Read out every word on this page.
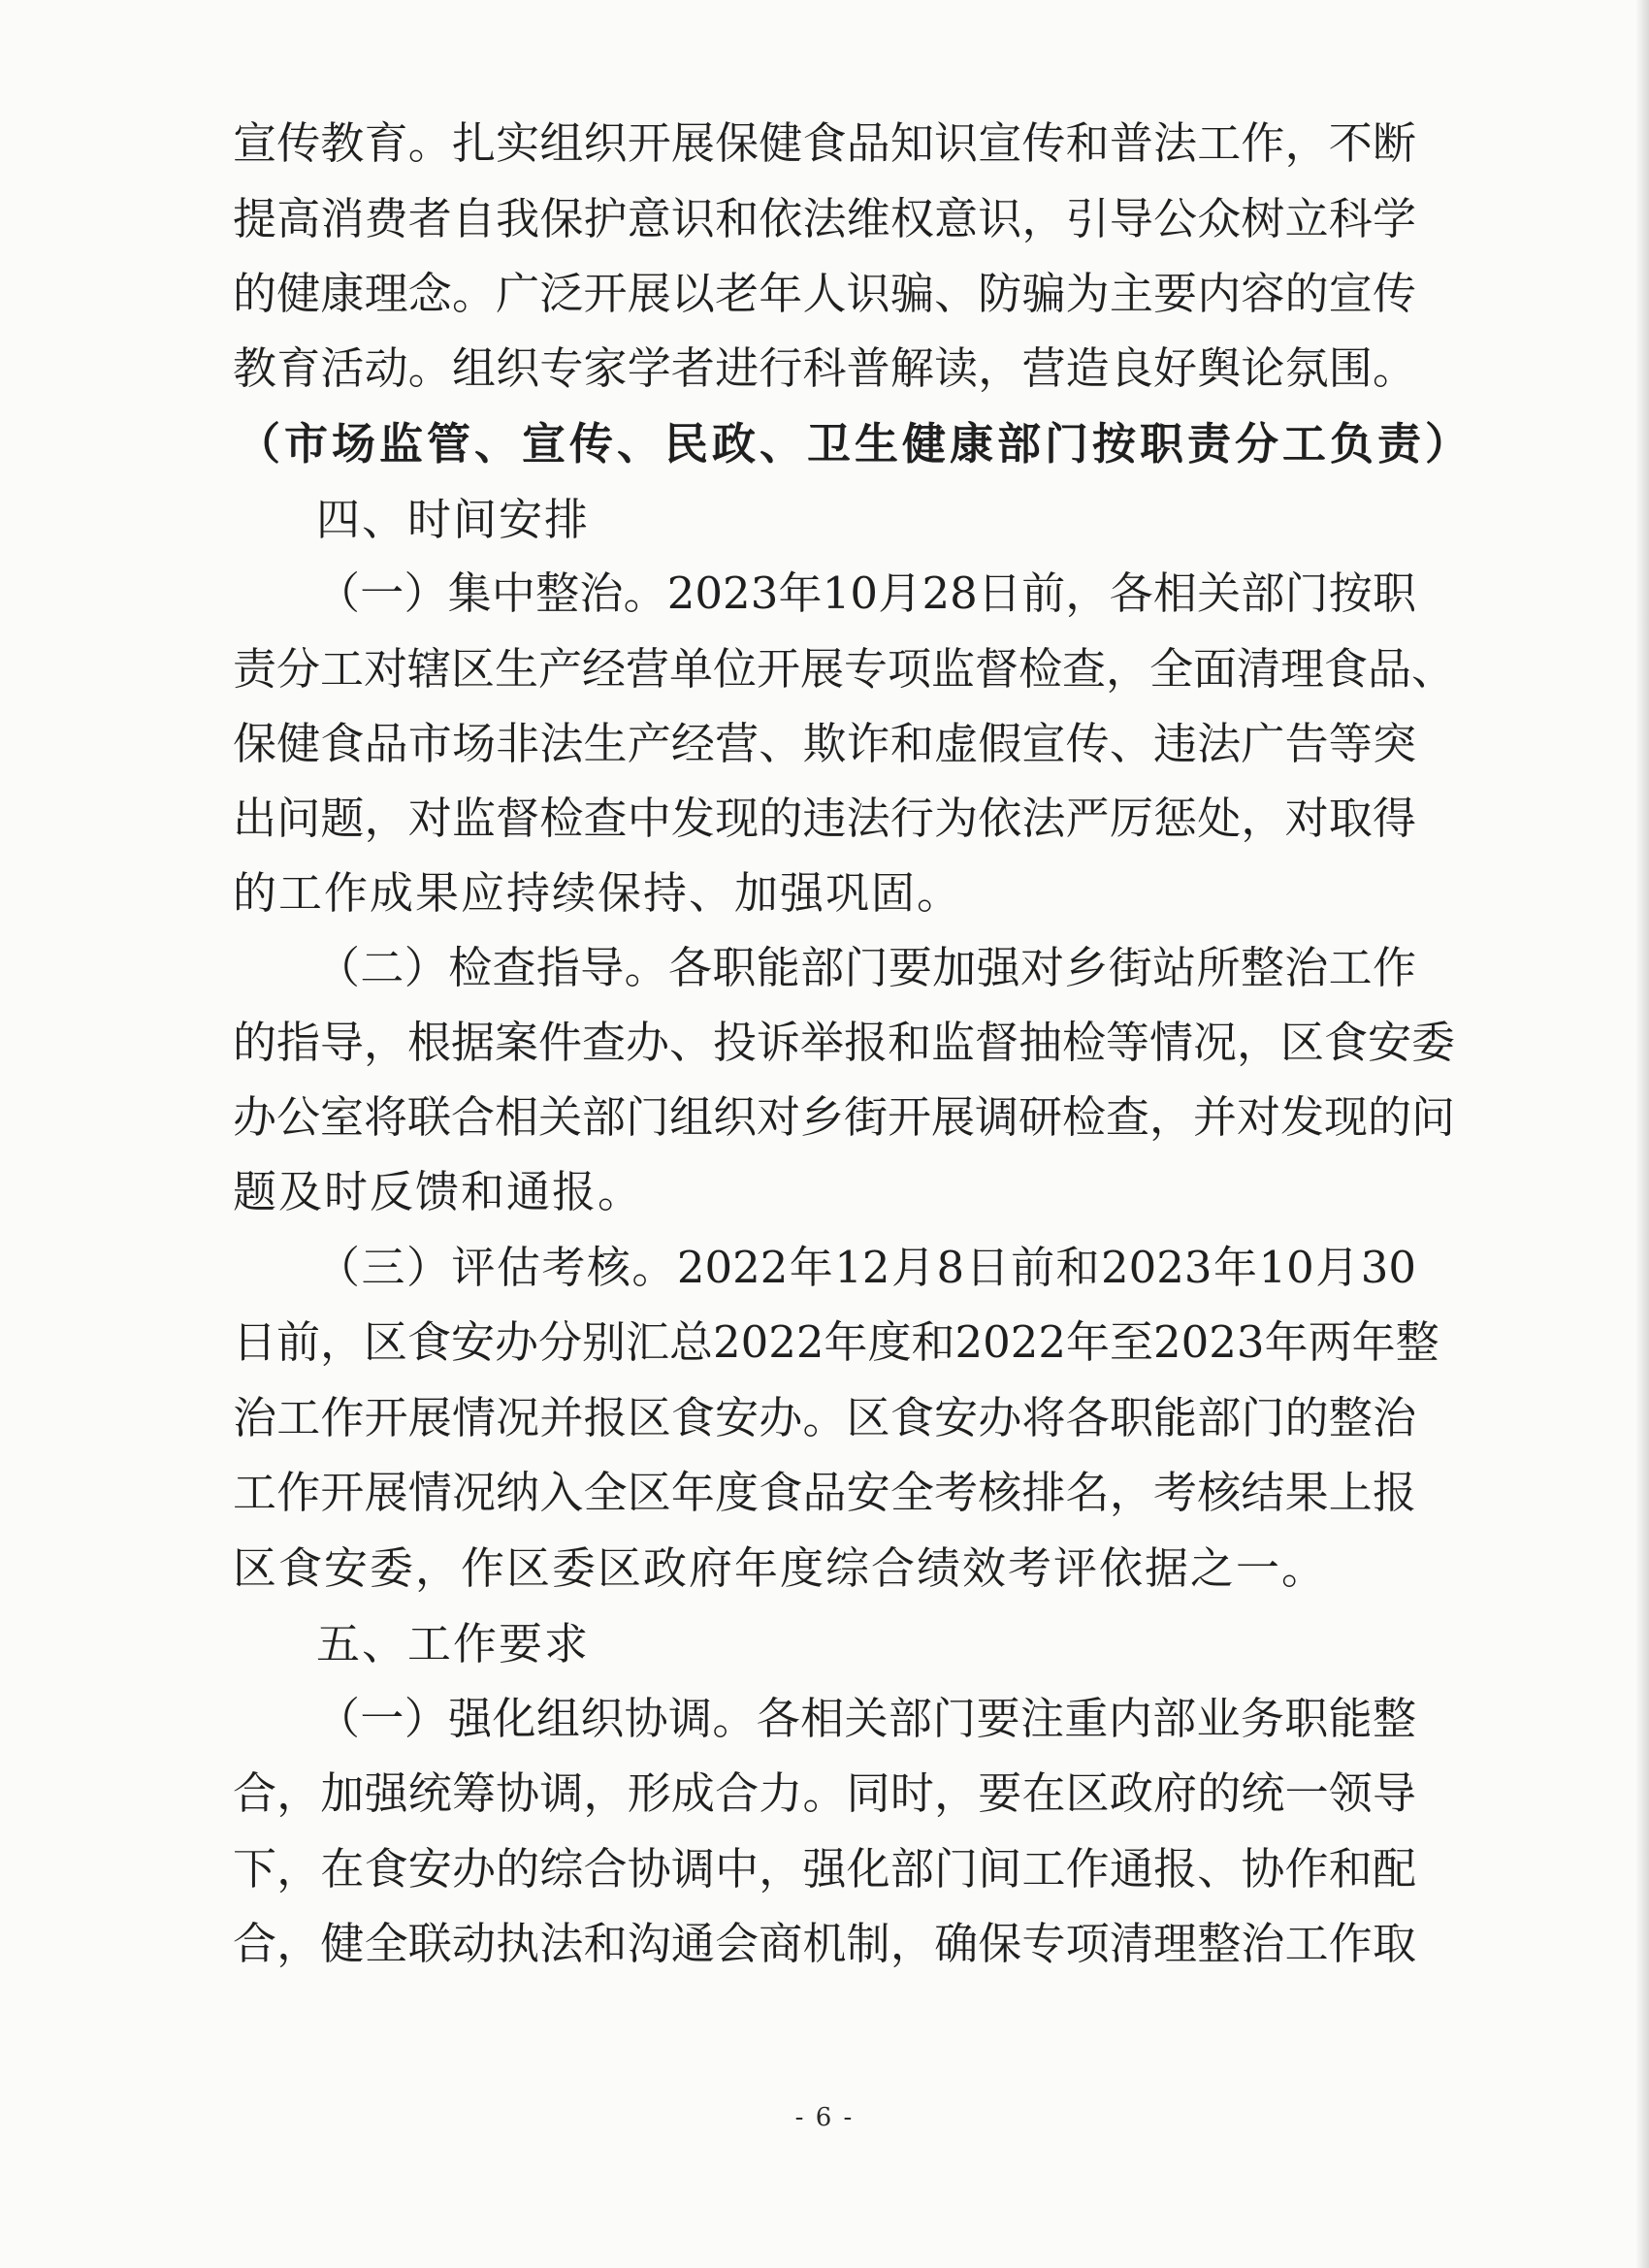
宣传教育。扎实组织开展保健食品知识宣传和普法工作，不断
提高消费者自我保护意识和依法维权意识，引导公众树立科学
的健康理念。广泛开展以老年人识骗、防骗为主要内容的宣传
教育活动。组织专家学者进行科普解读，营造良好舆论氛围。
（市场监管、宣传、民政、卫生健康部门按职责分工负责）
四、时间安排
（一）集中整治。2023年10月28日前，各相关部门按职
责分工对辖区生产经营单位开展专项监督检查，全面清理食品、
保健食品市场非法生产经营、欺诈和虚假宣传、违法广告等突
出问题，对监督检查中发现的违法行为依法严厉惩处，对取得
的工作成果应持续保持、加强巩固。
（二）检查指导。各职能部门要加强对乡街站所整治工作
的指导，根据案件查办、投诉举报和监督抽检等情况，区食安委
办公室将联合相关部门组织对乡街开展调研检查，并对发现的问
题及时反馈和通报。
（三）评估考核。2022年12月8日前和2023年10月30
日前，区食安办分别汇总2022年度和2022年至2023年两年整
治工作开展情况并报区食安办。区食安办将各职能部门的整治
工作开展情况纳入全区年度食品安全考核排名，考核结果上报
区食安委，作区委区政府年度综合绩效考评依据之一。
五、工作要求
（一）强化组织协调。各相关部门要注重内部业务职能整
合，加强统筹协调，形成合力。同时，要在区政府的统一领导
下，在食安办的综合协调中，强化部门间工作通报、协作和配
合，健全联动执法和沟通会商机制，确保专项清理整治工作取
- 6 -
